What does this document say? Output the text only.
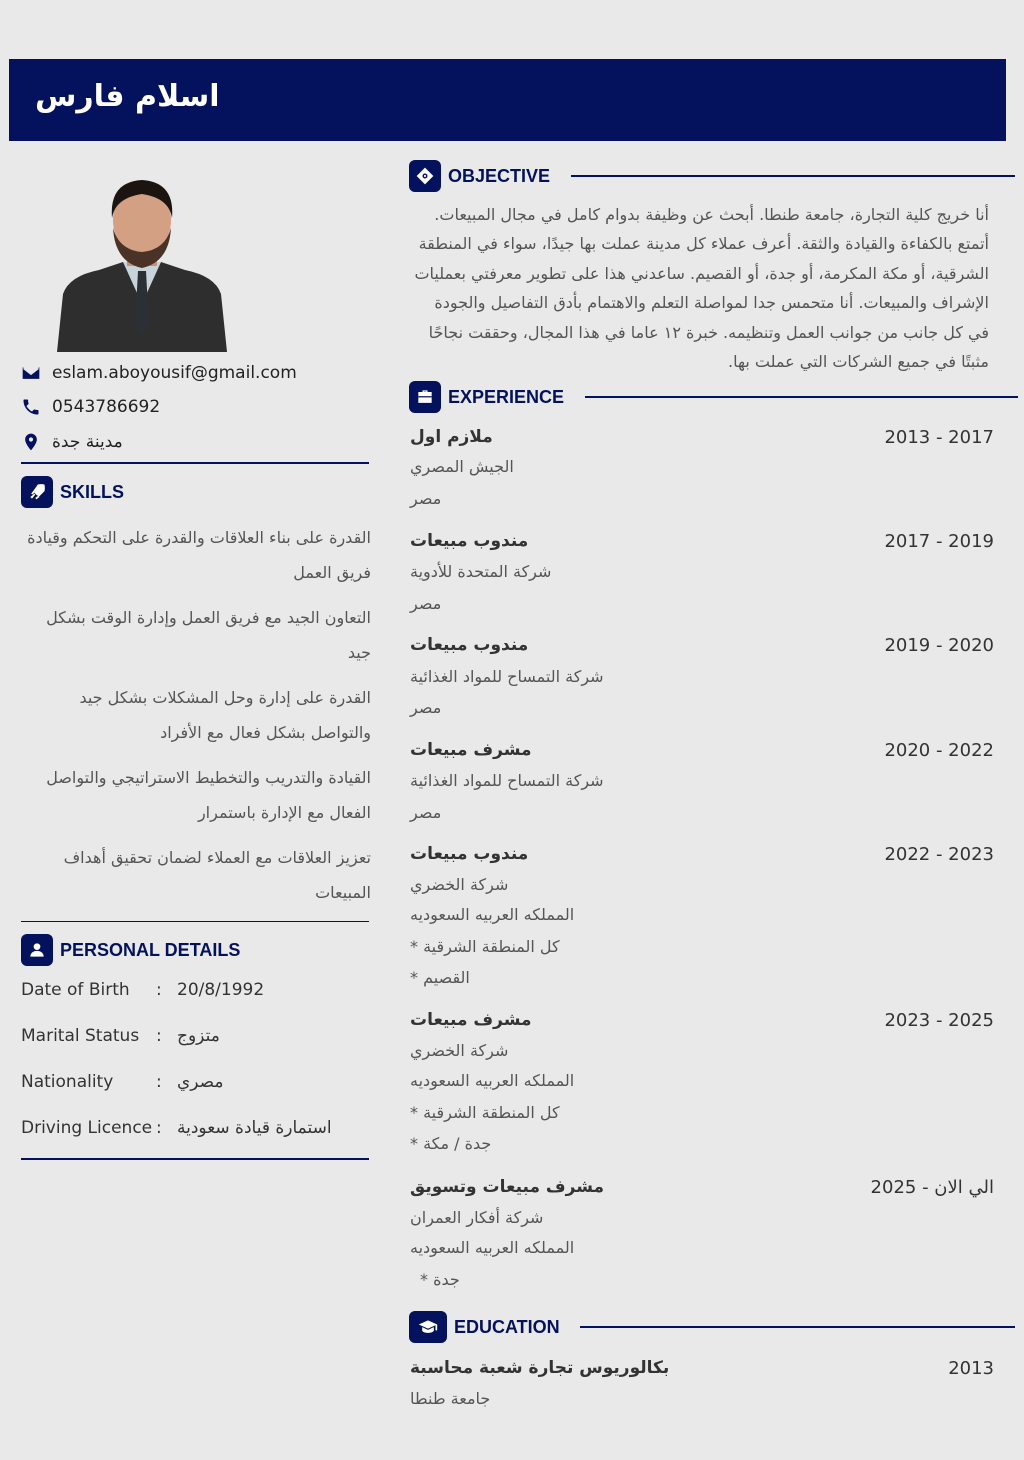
اسلام فارس
eslam.aboyousif@gmail.com
0543786692
مدينة جدة
SKILLS
القدرة على بناء العلاقات والقدرة على التحكم وقيادة فريق العمل
التعاون الجيد مع فريق العمل وإدارة الوقت بشكل جيد
القدرة على إدارة وحل المشكلات بشكل جيد والتواصل بشكل فعال مع الأفراد
القيادة والتدريب والتخطيط الاستراتيجي والتواصل الفعال مع الإدارة باستمرار
تعزيز العلاقات مع العملاء لضمان تحقيق أهداف المبيعات
PERSONAL DETAILS
Date of Birth : 20/8/1992
Marital Status : متزوج
Nationality	: مصري
Driving Licence : استمارة قيادة سعودية
OBJECTIVE
أنا خريج كلية التجارة، جامعة طنطا. أبحث عن وظيفة بدوام كامل في مجال المبيعات. أتمتع بالكفاءة والقيادة والثقة. أعرف عملاء كل مدينة عملت بها جيدًا، سواء في المنطقة الشرقية، أو مكة المكرمة، أو جدة، أو القصيم. ساعدني هذا على تطوير معرفتي بعمليات الإشراف والمبيعات. أنا متحمس جدا لمواصلة التعلم والاهتمام بأدق التفاصيل والجودة في كل جانب من جوانب العمل وتنظيمه. خبرة ١٢ عاما في هذا المجال، وحققت نجاحًا مثبتًا في جميع الشركات التي عملت بها.
EXPERIENCE
ملازم اول	2013 - 2017
الجيش المصري
مصر
مندوب مبيعات	2017 - 2019
شركة المتحدة للأدوية
مصر
مندوب مبيعات	2019 - 2020
شركة التمساح للمواد الغذائية
مصر
مشرف مبيعات	2020 - 2022
شركة التمساح للمواد الغذائية
مصر
مندوب مبيعات	2022 - 2023
شركة الخضري
المملكه العربيه السعوديه
كل المنطقة الشرقية *
القصيم *
مشرف مبيعات	2023 - 2025
شركة الخضري
المملكه العربيه السعوديه
كل المنطقة الشرقية *
جدة / مكة *
مشرف مبيعات وتسويق	الي الان - 2025
شركة أفكار العمران
المملكه العربيه السعوديه
جدة *
EDUCATION
بكالوريوس تجارة شعبة محاسبة	2013
جامعة طنطا
